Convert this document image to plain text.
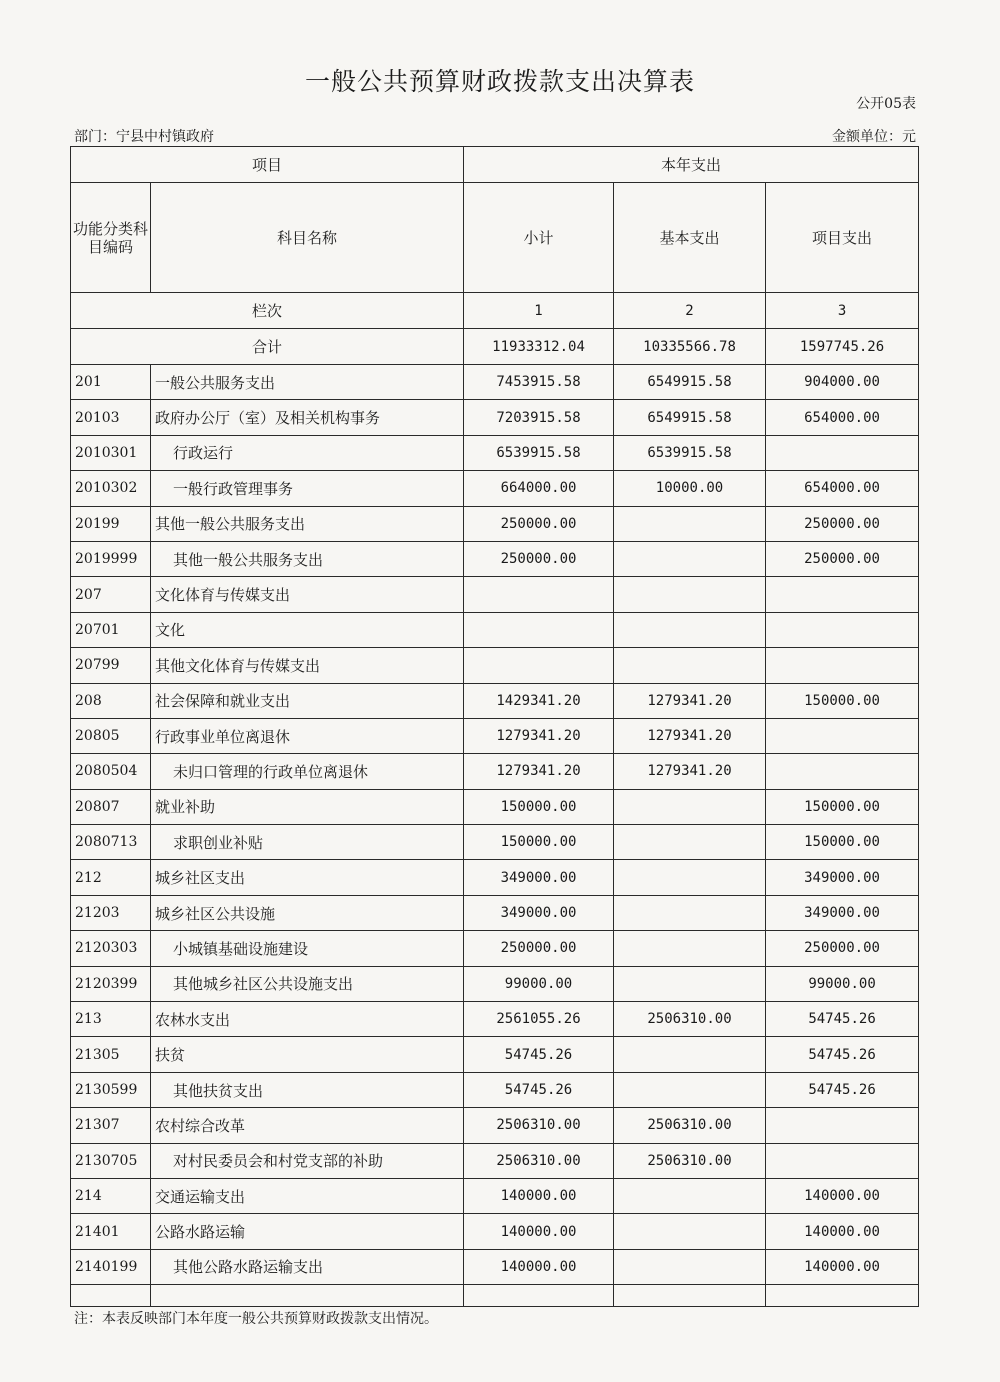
一般公共预算财政拨款支出决算表
公开05表
部门：宁县中村镇政府	金额单位：元
项目		本年支出		
功能分类科目编码	科目名称	小计	基本支出	项目支出
栏次		1	2	3
合计		11933312.04	10335566.78	1597745.26
201	一般公共服务支出	7453915.58	6549915.58	904000.00
20103	政府办公厅（室）及相关机构事务	7203915.58	6549915.58	654000.00
2010301	行政运行	6539915.58	6539915.58	
2010302	一般行政管理事务	664000.00	10000.00	654000.00
20199	其他一般公共服务支出	250000.00		250000.00
2019999	其他一般公共服务支出	250000.00		250000.00
207	文化体育与传媒支出			
20701	文化			
20799	其他文化体育与传媒支出			
208	社会保障和就业支出	1429341.20	1279341.20	150000.00
20805	行政事业单位离退休	1279341.20	1279341.20	
2080504	未归口管理的行政单位离退休	1279341.20	1279341.20	
20807	就业补助	150000.00		150000.00
2080713	求职创业补贴	150000.00		150000.00
212	城乡社区支出	349000.00		349000.00
21203	城乡社区公共设施	349000.00		349000.00
2120303	小城镇基础设施建设	250000.00		250000.00
2120399	其他城乡社区公共设施支出	99000.00		99000.00
213	农林水支出	2561055.26	2506310.00	54745.26
21305	扶贫	54745.26		54745.26
2130599	其他扶贫支出	54745.26		54745.26
21307	农村综合改革	2506310.00	2506310.00	
2130705	对村民委员会和村党支部的补助	2506310.00	2506310.00	
214	交通运输支出	140000.00		140000.00
21401	公路水路运输	140000.00		140000.00
2140199	其他公路水路运输支出	140000.00		140000.00

注：本表反映部门本年度一般公共预算财政拨款支出情况。
